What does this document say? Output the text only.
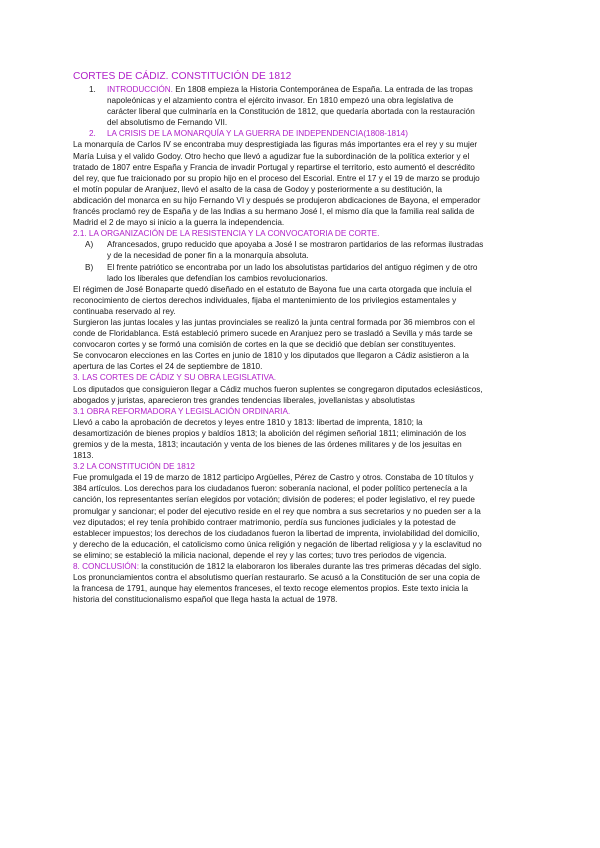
CORTES DE CÁDIZ. CONSTITUCIÓN DE 1812
1.	INTRODUCCIÓN. En 1808 empieza la Historia Contemporánea de España. La entrada de las tropas
napoleónicas y el alzamiento contra el ejército invasor. En 1810 empezó una obra legislativa de
carácter liberal que culminaría en la Constitución de 1812, que quedaría abortada con la restauración
del absolutismo de Fernando VII.
2.	LA CRISIS DE LA MONARQUÍA Y LA GUERRA DE INDEPENDENCIA(1808-1814)
La monarquía de Carlos IV se encontraba muy desprestigiada las figuras más importantes era el rey y su mujer
María Luisa y el valido Godoy. Otro hecho que llevó a agudizar fue la subordinación de la política exterior y el
tratado de 1807 entre España y Francia de invadir Portugal y repartirse el territorio, esto aumentó el descrédito
del rey, que fue traicionado por su propio hijo en el proceso del Escorial. Entre el 17 y el 19 de marzo se produjo
el motín popular de Aranjuez, llevó el asalto de la casa de Godoy y posteriormente a su destitución, la
abdicación del monarca en su hijo Fernando VI y después se produjeron abdicaciones de Bayona, el emperador
francés proclamó rey de España y de las Indias a su hermano José I, el mismo día que la familia real salida de
Madrid el 2 de mayo si inicio a la guerra la independencia.
2.1. LA ORGANIZACIÓN DE LA RESISTENCIA Y LA CONVOCATORIA DE CORTE.
A)	Afrancesados, grupo reducido que apoyaba a José I se mostraron partidarios de las reformas ilustradas
y de la necesidad de poner fin a la monarquía absoluta.
B)	El frente patriótico se encontraba por un lado los absolutistas partidarios del antiguo régimen y de otro
lado los liberales que defendían los cambios revolucionarios.
El régimen de José Bonaparte quedó diseñado en el estatuto de Bayona fue una carta otorgada que incluía el
reconocimiento de ciertos derechos individuales, fijaba el mantenimiento de los privilegios estamentales y
continuaba reservado al rey.
Surgieron las juntas locales y las juntas provinciales se realizó la junta central formada por 36 miembros con el
conde de Floridablanca. Está estableció primero sucede en Aranjuez pero se trasladó a Sevilla y más tarde se
convocaron cortes y se formó una comisión de cortes en la que se decidió que debían ser constituyentes.
Se convocaron elecciones en las Cortes en junio de 1810 y los diputados que llegaron a Cádiz asistieron a la
apertura de las Cortes el 24 de septiembre de 1810.
3. LAS CORTES DE CÁDIZ Y SU OBRA LEGISLATIVA.
Los diputados que consiguieron llegar a Cádiz muchos fueron suplentes se congregaron diputados eclesiásticos,
abogados y juristas, aparecieron tres grandes tendencias liberales, jovellanistas y absolutistas
3.1 OBRA REFORMADORA Y LEGISLACIÓN ORDINARIA.
Llevó a cabo la aprobación de decretos y leyes entre 1810 y 1813: libertad de imprenta, 1810; la
desamortización de bienes propios y baldíos 1813; la abolición del régimen señorial 1811; eliminación de los
gremios y de la mesta, 1813; incautación y venta de los bienes de las órdenes militares y de los jesuitas en
1813.
3.2 LA CONSTITUCIÓN DE 1812
Fue promulgada el 19 de marzo de 1812 participo Argüelles, Pérez de Castro y otros. Constaba de 10 títulos y
384 artículos. Los derechos para los ciudadanos fueron: soberanía nacional, el poder político pertenecía a la
canción, los representantes serían elegidos por votación; división de poderes; el poder legislativo, el rey puede
promulgar y sancionar; el poder del ejecutivo reside en el rey que nombra a sus secretarios y no pueden ser a la
vez diputados; el rey tenía prohibido contraer matrimonio, perdía sus funciones judiciales y la potestad de
establecer impuestos; los derechos de los ciudadanos fueron la libertad de imprenta, inviolabilidad del domicilio,
y derecho de la educación, el catolicismo como única religión y negación de libertad religiosa y y la esclavitud no
se elimino; se estableció la milicia nacional, depende el rey y las cortes; tuvo tres periodos de vigencia.
8. CONCLUSIÓN: la constitución de 1812 la elaboraron los liberales durante las tres primeras décadas del siglo.
Los pronunciamientos contra el absolutismo querían restaurarlo. Se acusó a la Constitución de ser una copia de
la francesa de 1791, aunque hay elementos franceses, el texto recoge elementos propios. Este texto inicia la
historia del constitucionalismo español que llega hasta la actual de 1978.
